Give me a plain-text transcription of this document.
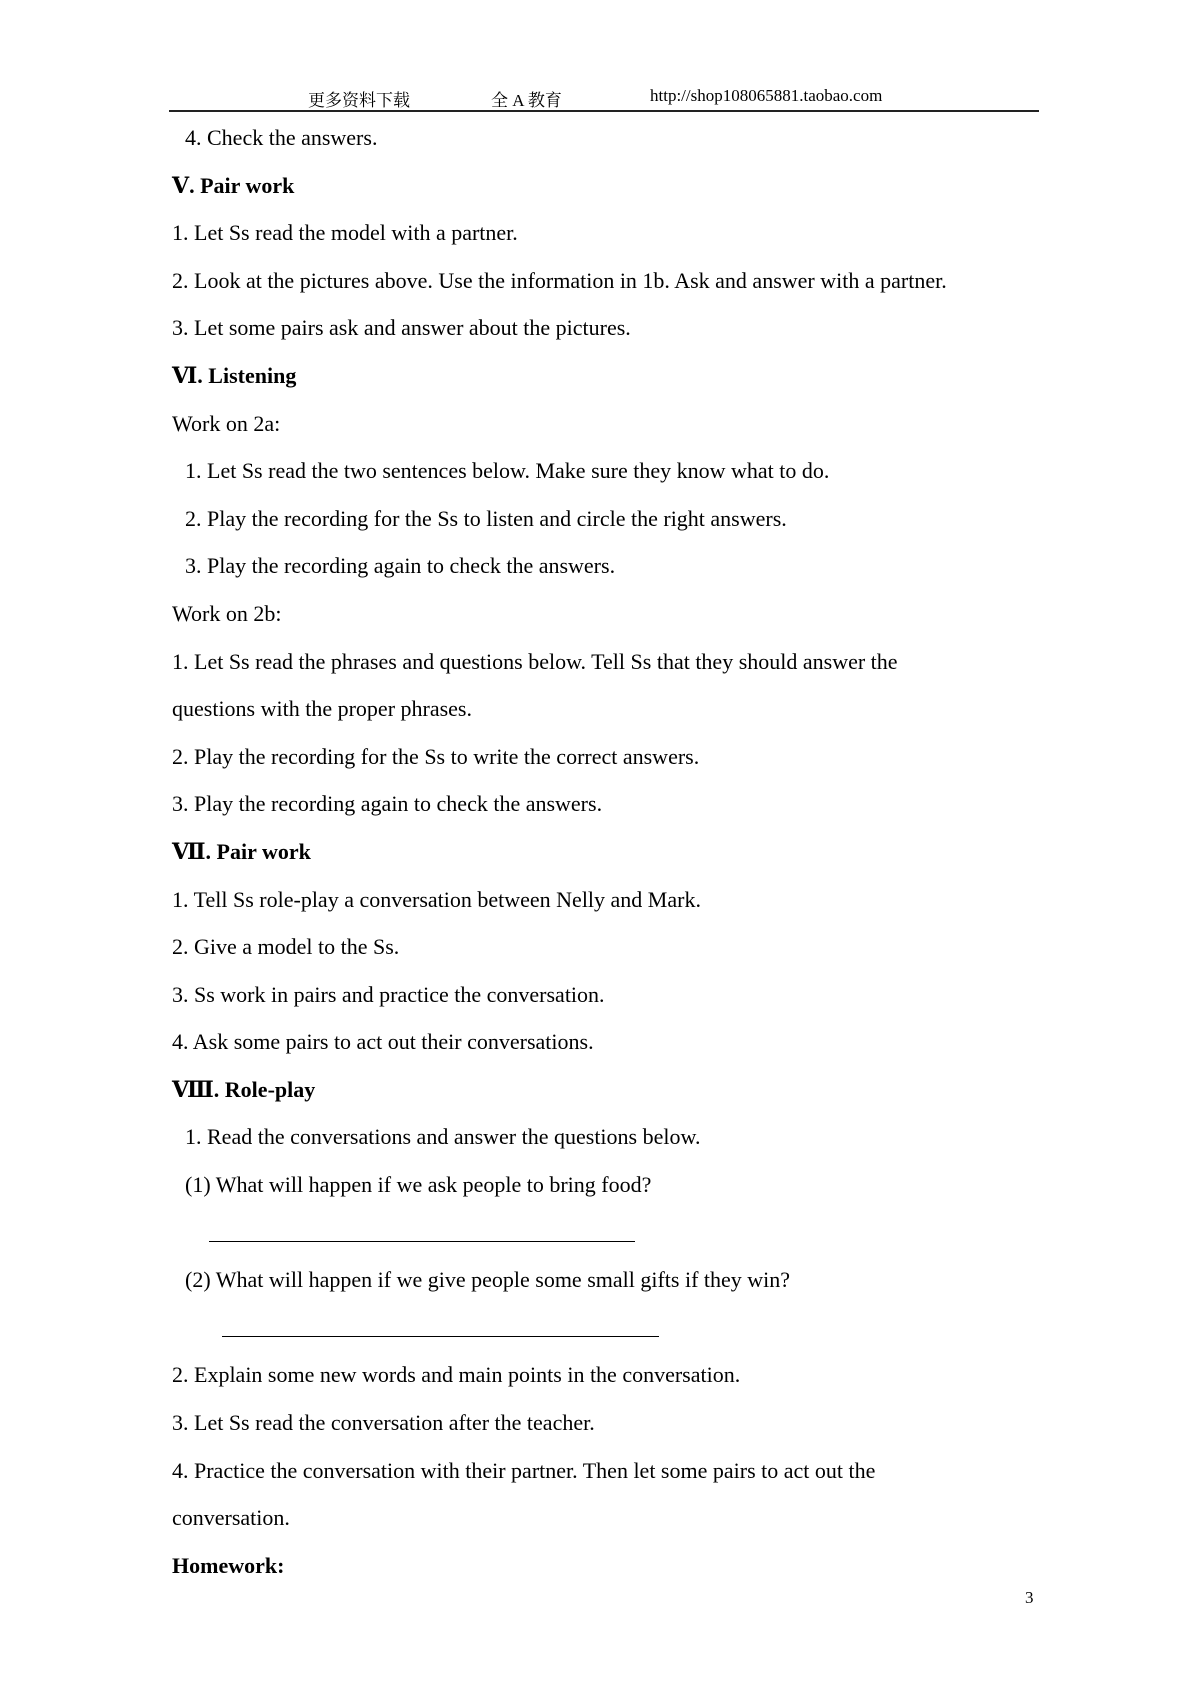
更多资料下载	全 A 教育	http://shop108065881.taobao.com
4. Check the answers.
Ⅴ. Pair work
1. Let Ss read the model with a partner.
2. Look at the pictures above. Use the information in 1b. Ask and answer with a partner.
3. Let some pairs ask and answer about the pictures.
Ⅵ. Listening
Work on 2a:
1. Let Ss read the two sentences below. Make sure they know what to do.
2. Play the recording for the Ss to listen and circle the right answers.
3. Play the recording again to check the answers.
Work on 2b:
1. Let Ss read the phrases and questions below. Tell Ss that they should answer the
questions with the proper phrases.
2. Play the recording for the Ss to write the correct answers.
3. Play the recording again to check the answers.
Ⅶ. Pair work
1. Tell Ss role-play a conversation between Nelly and Mark.
2. Give a model to the Ss.
3. Ss work in pairs and practice the conversation.
4. Ask some pairs to act out their conversations.
Ⅷ. Role-play
1. Read the conversations and answer the questions below.
(1) What will happen if we ask people to bring food?
(2) What will happen if we give people some small gifts if they win?
2. Explain some new words and main points in the conversation.
3. Let Ss read the conversation after the teacher.
4. Practice the conversation with their partner. Then let some pairs to act out the
conversation.
Homework:
3
